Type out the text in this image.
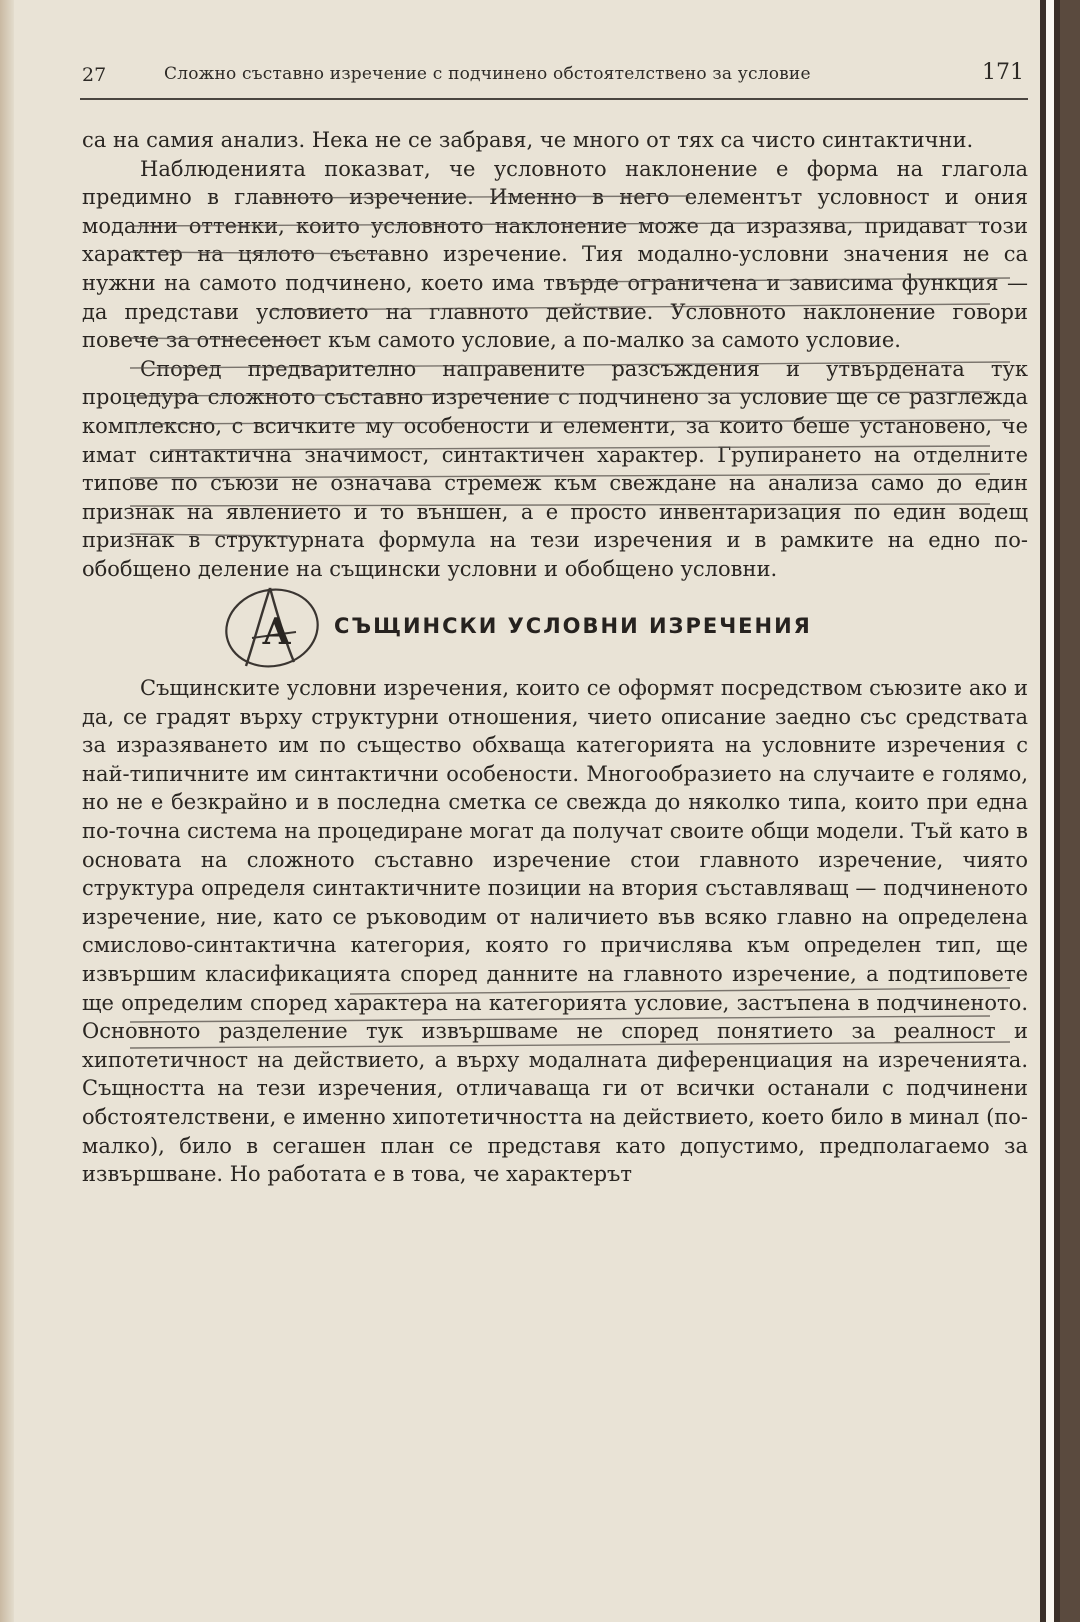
27	Сложно съставно изречение с подчинено обстоятелствено за условие	171

са на самия анализ. Нека не се забравя, че много от тях са чисто синтактични.

Наблюденията показват, че условното наклонение е форма на глагола предимно в главното изречение. Именно в него елементът условност и ония модални оттенки, които условното наклонение може да изразява, придават този характер на цялото съставно изречение. Тия модално-условни значения не са нужни на самото подчинено, което има твърде ограничена и зависима функция — да представи условието на главното действие. Условното наклонение говори повече за отнесеност към самото условие, а по-малко за самото условие.

Според предварително направените разсъждения и утвърдената тук процедура сложното съставно изречение с подчинено за условие ще се разглежда комплексно, с всичките му особености и елементи, за които беше установено, че имат синтактична значимост, синтактичен характер. Групирането на отделните типове по съюзи не означава стремеж към свеждане на анализа само до един признак на явлението и то външен, а е просто инвентаризация по един водещ признак в структурната формула на тези изречения и в рамките на едно по-обобщено деление на същински условни и обобщено условни.

А СЪЩИНСКИ УСЛОВНИ ИЗРЕЧЕНИЯ

Същинските условни изречения, които се оформят посредством съюзите ако и да, се градят върху структурни отношения, чието описание заедно със средствата за изразяването им по същество обхваща категорията на условните изречения с най-типичните им синтактични особености. Многообразието на случаите е голямо, но не е безкрайно и в последна сметка се свежда до няколко типа, които при една по-точна система на процедиране могат да получат своите общи модели. Тъй като в основата на сложното съставно изречение стои главното изречение, чиято структура определя синтактичните позиции на втория съставляващ — подчиненото изречение, ние, като се ръководим от наличието във всяко главно на определена смислово-синтактична категория, която го причислява към определен тип, ще извършим класификацията според данните на главното изречение, а подтиповете ще определим според характера на категорията условие, застъпена в подчиненото. Основното разделение тук извършваме не според понятието за реалност и хипотетичност на действието, а върху модалната диференциация на изреченията. Същността на тези изречения, отличаваща ги от всички останали с подчинени обстоятелствени, е именно хипотетичността на действието, което било в минал (по-малко), било в сегашен план се представя като допустимо, предполагаемо за извършване. Но работата е в това, че характерът
